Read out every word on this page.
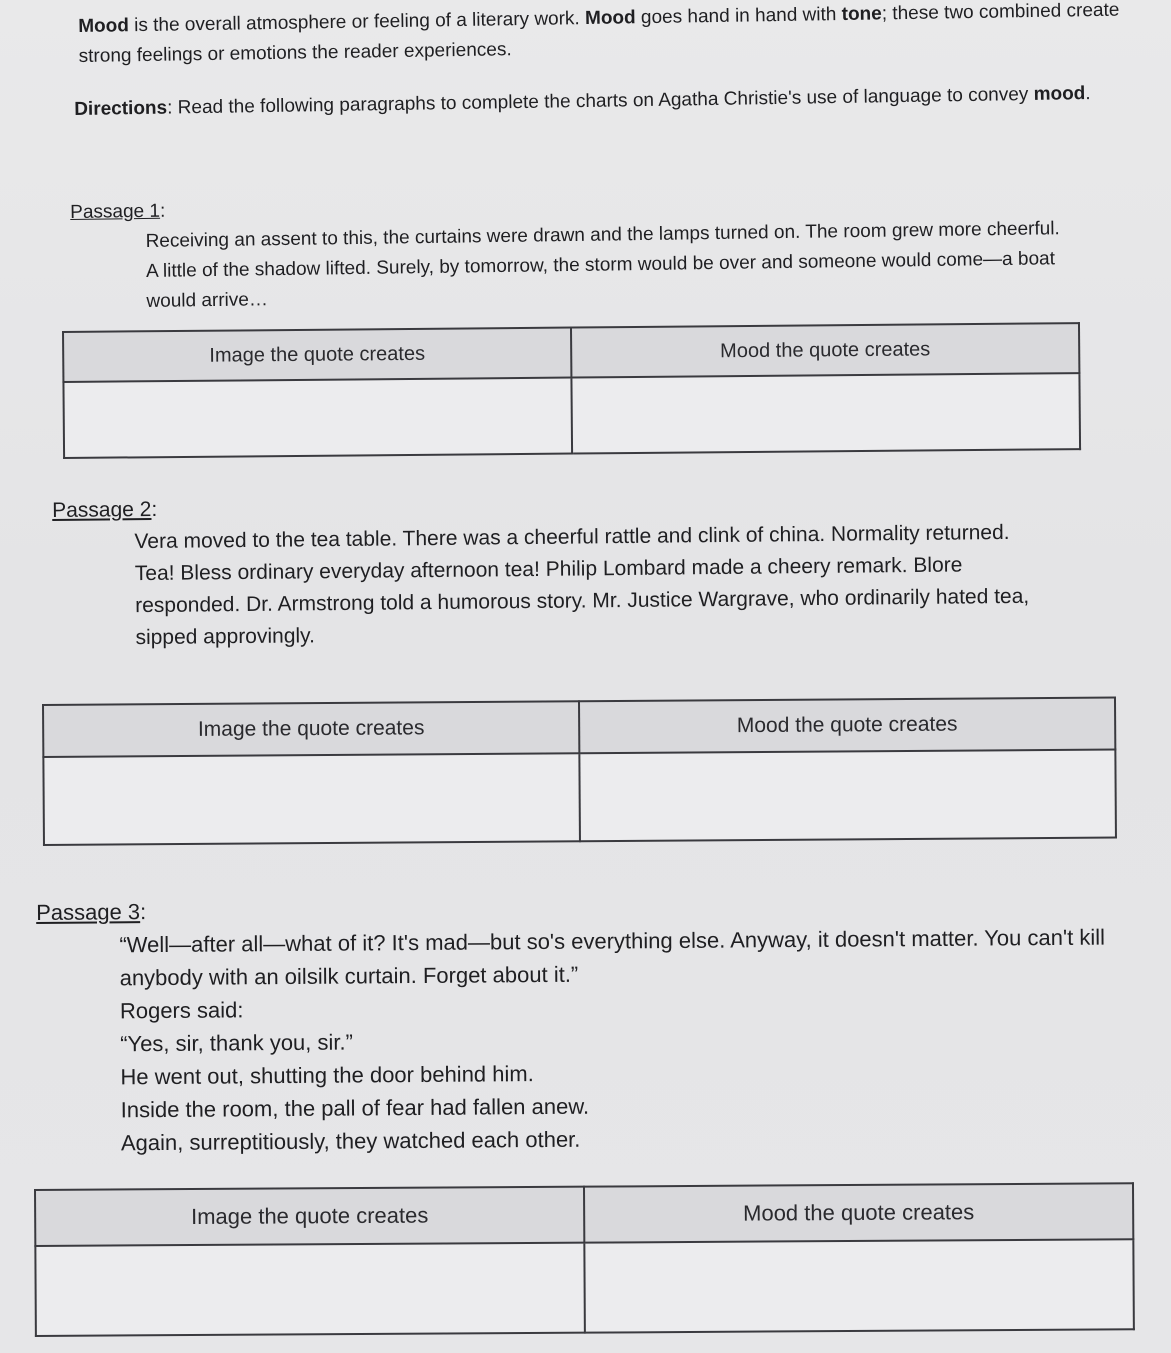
Mood is the overall atmosphere or feeling of a literary work. Mood goes hand in hand with tone; these two combined create strong feelings or emotions the reader experiences.

Directions: Read the following paragraphs to complete the charts on Agatha Christie's use of language to convey mood.

Passage 1:

Receiving an assent to this, the curtains were drawn and the lamps turned on. The room grew more cheerful. A little of the shadow lifted. Surely, by tomorrow, the storm would be over and someone would come—a boat would arrive…

Image the quote creates	Mood the quote creates

Passage 2:

Vera moved to the tea table. There was a cheerful rattle and clink of china. Normality returned.

Tea! Bless ordinary everyday afternoon tea! Philip Lombard made a cheery remark. Blore responded. Dr. Armstrong told a humorous story. Mr. Justice Wargrave, who ordinarily hated tea, sipped approvingly.

Image the quote creates	Mood the quote creates

Passage 3:

“Well—after all—what of it? It's mad—but so's everything else. Anyway, it doesn't matter. You can't kill anybody with an oilsilk curtain. Forget about it.”

Rogers said:
“Yes, sir, thank you, sir.”
He went out, shutting the door behind him.
Inside the room, the pall of fear had fallen anew.
Again, surreptitiously, they watched each other.
Image the quote creates	Mood the quote creates
